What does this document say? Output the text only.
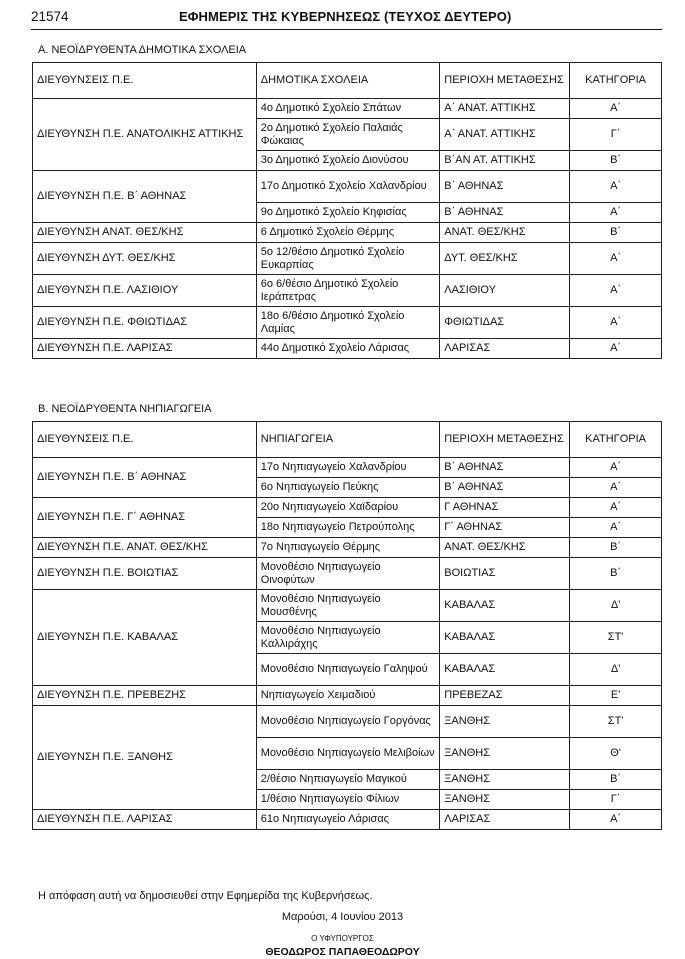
21574	ΕΦΗΜΕΡΙΣ ΤΗΣ ΚΥΒΕΡΝΗΣΕΩΣ (ΤΕΥΧΟΣ ΔΕΥΤΕΡΟ)
Α. ΝΕΟΪΔΡΥΘΕΝΤΑ ΔΗΜΟΤΙΚΑ ΣΧΟΛΕΙΑ
ΔΙΕΥΘΥΝΣΕΙΣ Π.Ε.	ΔΗΜΟΤΙΚΑ ΣΧΟΛΕΙΑ	ΠΕΡΙΟΧΗ ΜΕΤΑΘΕΣΗΣ	ΚΑΤΗΓΟΡΙΑ
ΔΙΕΥΘΥΝΣΗ Π.Ε. ΑΝΑΤΟΛΙΚΗΣ ΑΤΤΙΚΗΣ	4ο Δημοτικό Σχολείο Σπάτων	Α΄ ΑΝΑΤ. ΑΤΤΙΚΗΣ	Α΄
	2ο Δημοτικό Σχολείο Παλαιάς Φώκαιας	Α΄ ΑΝΑΤ. ΑΤΤΙΚΗΣ	Γ΄
	3ο Δημοτικό Σχολείο Διονύσου	Β΄ΑΝ ΑΤ. ΑΤΤΙΚΗΣ	Β΄
ΔΙΕΥΘΥΝΣΗ Π.Ε. Β΄ ΑΘΗΝΑΣ	17ο Δημοτικό Σχολείο Χαλανδρίου	Β΄ ΑΘΗΝΑΣ	Α΄
	9ο Δημοτικό Σχολείο Κηφισίας	Β΄ ΑΘΗΝΑΣ	Α΄
ΔΙΕΥΘΥΝΣΗ ΑΝΑΤ. ΘΕΣ/ΚΗΣ	6 Δημοτικό Σχολείο Θέρμης	ΑΝΑΤ. ΘΕΣ/ΚΗΣ	Β΄
ΔΙΕΥΘΥΝΣΗ ΔΥΤ. ΘΕΣ/ΚΗΣ	5ο 12/θέσιο Δημοτικό Σχολείο Ευκαρπίας	ΔΥΤ. ΘΕΣ/ΚΗΣ	Α΄
ΔΙΕΥΘΥΝΣΗ Π.Ε. ΛΑΣΙΘΙΟΥ	6ο 6/θέσιο Δημοτικό Σχολείο Ιεράπετρας	ΛΑΣΙΘΙΟΥ	Α΄
ΔΙΕΥΘΥΝΣΗ Π.Ε. ΦΘΙΩΤΙΔΑΣ	18ο 6/θέσιο Δημοτικό Σχολείο Λαμίας	ΦΘΙΩΤΙΔΑΣ	Α΄
ΔΙΕΥΘΥΝΣΗ Π.Ε. ΛΑΡΙΣΑΣ	44ο Δημοτικό Σχολείο Λάρισας	ΛΑΡΙΣΑΣ	Α΄
Β. ΝΕΟΪΔΡΥΘΕΝΤΑ ΝΗΠΙΑΓΩΓΕΙΑ
ΔΙΕΥΘΥΝΣΕΙΣ Π.Ε.	ΝΗΠΙΑΓΩΓΕΙΑ	ΠΕΡΙΟΧΗ ΜΕΤΑΘΕΣΗΣ	ΚΑΤΗΓΟΡΙΑ
ΔΙΕΥΘΥΝΣΗ Π.Ε. Β΄ ΑΘΗΝΑΣ	17ο Νηπιαγωγείο Χαλανδρίου	Β΄ ΑΘΗΝΑΣ	Α΄
	6ο Νηπιαγωγείο Πεύκης	Β΄ ΑΘΗΝΑΣ	Α΄
ΔΙΕΥΘΥΝΣΗ Π.Ε. Γ΄ ΑΘΗΝΑΣ	20ο Νηπιαγωγείο Χαϊδαρίου	Γ ΑΘΗΝΑΣ	Α΄
	18ο Νηπιαγωγείο Πετρούπολης	Γ΄ ΑΘΗΝΑΣ	Α΄
ΔΙΕΥΘΥΝΣΗ Π.Ε. ΑΝΑΤ. ΘΕΣ/ΚΗΣ	7ο Νηπιαγωγείο Θέρμης	ΑΝΑΤ. ΘΕΣ/ΚΗΣ	Β΄
ΔΙΕΥΘΥΝΣΗ Π.Ε. ΒΟΙΩΤΙΑΣ	Μονοθέσιο Νηπιαγωγείο Οινοφύτων	ΒΟΙΩΤΙΑΣ	Β΄
ΔΙΕΥΘΥΝΣΗ Π.Ε. ΚΑΒΑΛΑΣ	Μονοθέσιο Νηπιαγωγείο Μουσθένης	ΚΑΒΑΛΑΣ	Δ'
	Μονοθέσιο Νηπιαγωγείο Καλλιράχης	ΚΑΒΑΛΑΣ	ΣΤ'
	Μονοθέσιο Νηπιαγωγείο Γαληψού	ΚΑΒΑΛΑΣ	Δ'
ΔΙΕΥΘΥΝΣΗ Π.Ε. ΠΡΕΒΕΖΗΣ	Νηπιαγωγείο Χειμαδιού	ΠΡΕΒΕΖΑΣ	Ε'
ΔΙΕΥΘΥΝΣΗ Π.Ε. ΞΑΝΘΗΣ	Μονοθέσιο Νηπιαγωγείο Γοργόνας	ΞΑΝΘΗΣ	ΣΤ'
	Μονοθέσιο Νηπιαγωγείο Μελιβοίων	ΞΑΝΘΗΣ	Θ'
	2/θέσιο Νηπιαγωγείο Μαγικού	ΞΑΝΘΗΣ	Β΄
	1/θέσιο Νηπιαγωγείο Φίλιων	ΞΑΝΘΗΣ	Γ΄
ΔΙΕΥΘΥΝΣΗ Π.Ε. ΛΑΡΙΣΑΣ	61ο Νηπιαγωγείο Λάρισας	ΛΑΡΙΣΑΣ	Α΄
Η απόφαση αυτή να δημοσιευθεί στην Εφημερίδα της Κυβερνήσεως.
Μαρούσι, 4 Ιουνίου 2013
Ο ΥΦΥΠΟΥΡΓΟΣ
ΘΕΟΔΩΡΟΣ ΠΑΠΑΘΕΟΔΩΡΟΥ
